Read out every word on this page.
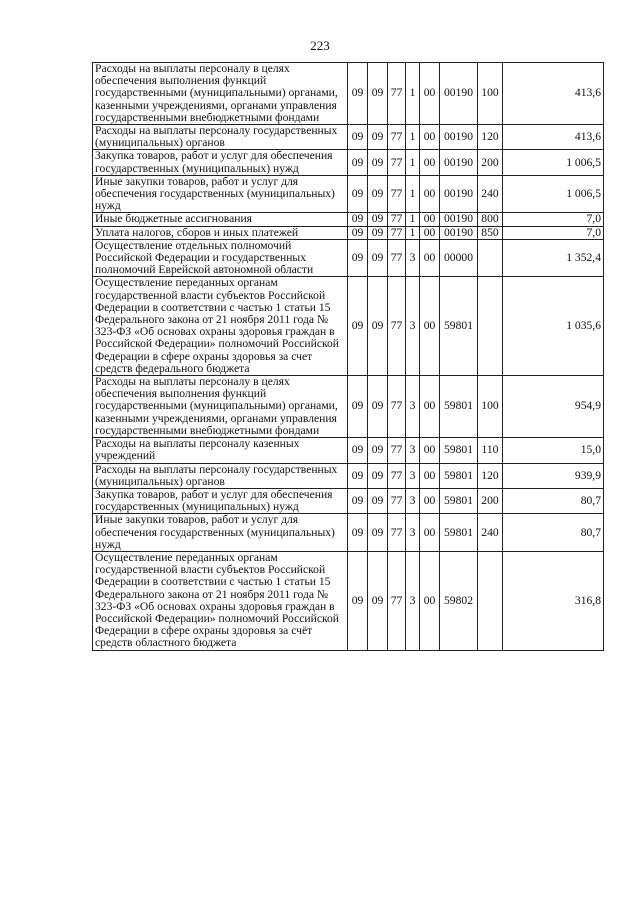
223
Расходы на выплаты персоналу в целях обеспечения выполнения функций государственными (муниципальными) органами, казенными учреждениями, органами управления государственными внебюджетными фондами	09	09	77	1	00	00190	100	413,6
Расходы на выплаты персоналу государственных (муниципальных) органов	09	09	77	1	00	00190	120	413,6
Закупка товаров, работ и услуг для обеспечения государственных (муниципальных) нужд	09	09	77	1	00	00190	200	1 006,5
Иные закупки товаров, работ и услуг для обеспечения государственных (муниципальных) нужд	09	09	77	1	00	00190	240	1 006,5
Иные бюджетные ассигнования	09	09	77	1	00	00190	800	7,0
Уплата налогов, сборов и иных платежей	09	09	77	1	00	00190	850	7,0
Осуществление отдельных полномочий Российской Федерации и государственных полномочий Еврейской автономной области	09	09	77	3	00	00000		1 352,4
Осуществление переданных органам государственной власти субъектов Российской Федерации в соответствии с частью 1 статьи 15 Федерального закона от 21 ноября 2011 года № 323-ФЗ «Об основах охраны здоровья граждан в Российской Федерации» полномочий Российской Федерации в сфере охраны здоровья за счет средств федерального бюджета	09	09	77	3	00	59801		1 035,6
Расходы на выплаты персоналу в целях обеспечения выполнения функций государственными (муниципальными) органами, казенными учреждениями, органами управления государственными внебюджетными фондами	09	09	77	3	00	59801	100	954,9
Расходы на выплаты персоналу казенных учреждений	09	09	77	3	00	59801	110	15,0
Расходы на выплаты персоналу государственных (муниципальных) органов	09	09	77	3	00	59801	120	939,9
Закупка товаров, работ и услуг для обеспечения государственных (муниципальных) нужд	09	09	77	3	00	59801	200	80,7
Иные закупки товаров, работ и услуг для обеспечения государственных (муниципальных) нужд	09	09	77	3	00	59801	240	80,7
Осуществление переданных органам государственной власти субъектов Российской Федерации в соответствии с частью 1 статьи 15 Федерального закона от 21 ноября 2011 года № 323-ФЗ «Об основах охраны здоровья граждан в Российской Федерации» полномочий Российской Федерации в сфере охраны здоровья за счёт средств областного бюджета	09	09	77	3	00	59802		316,8
